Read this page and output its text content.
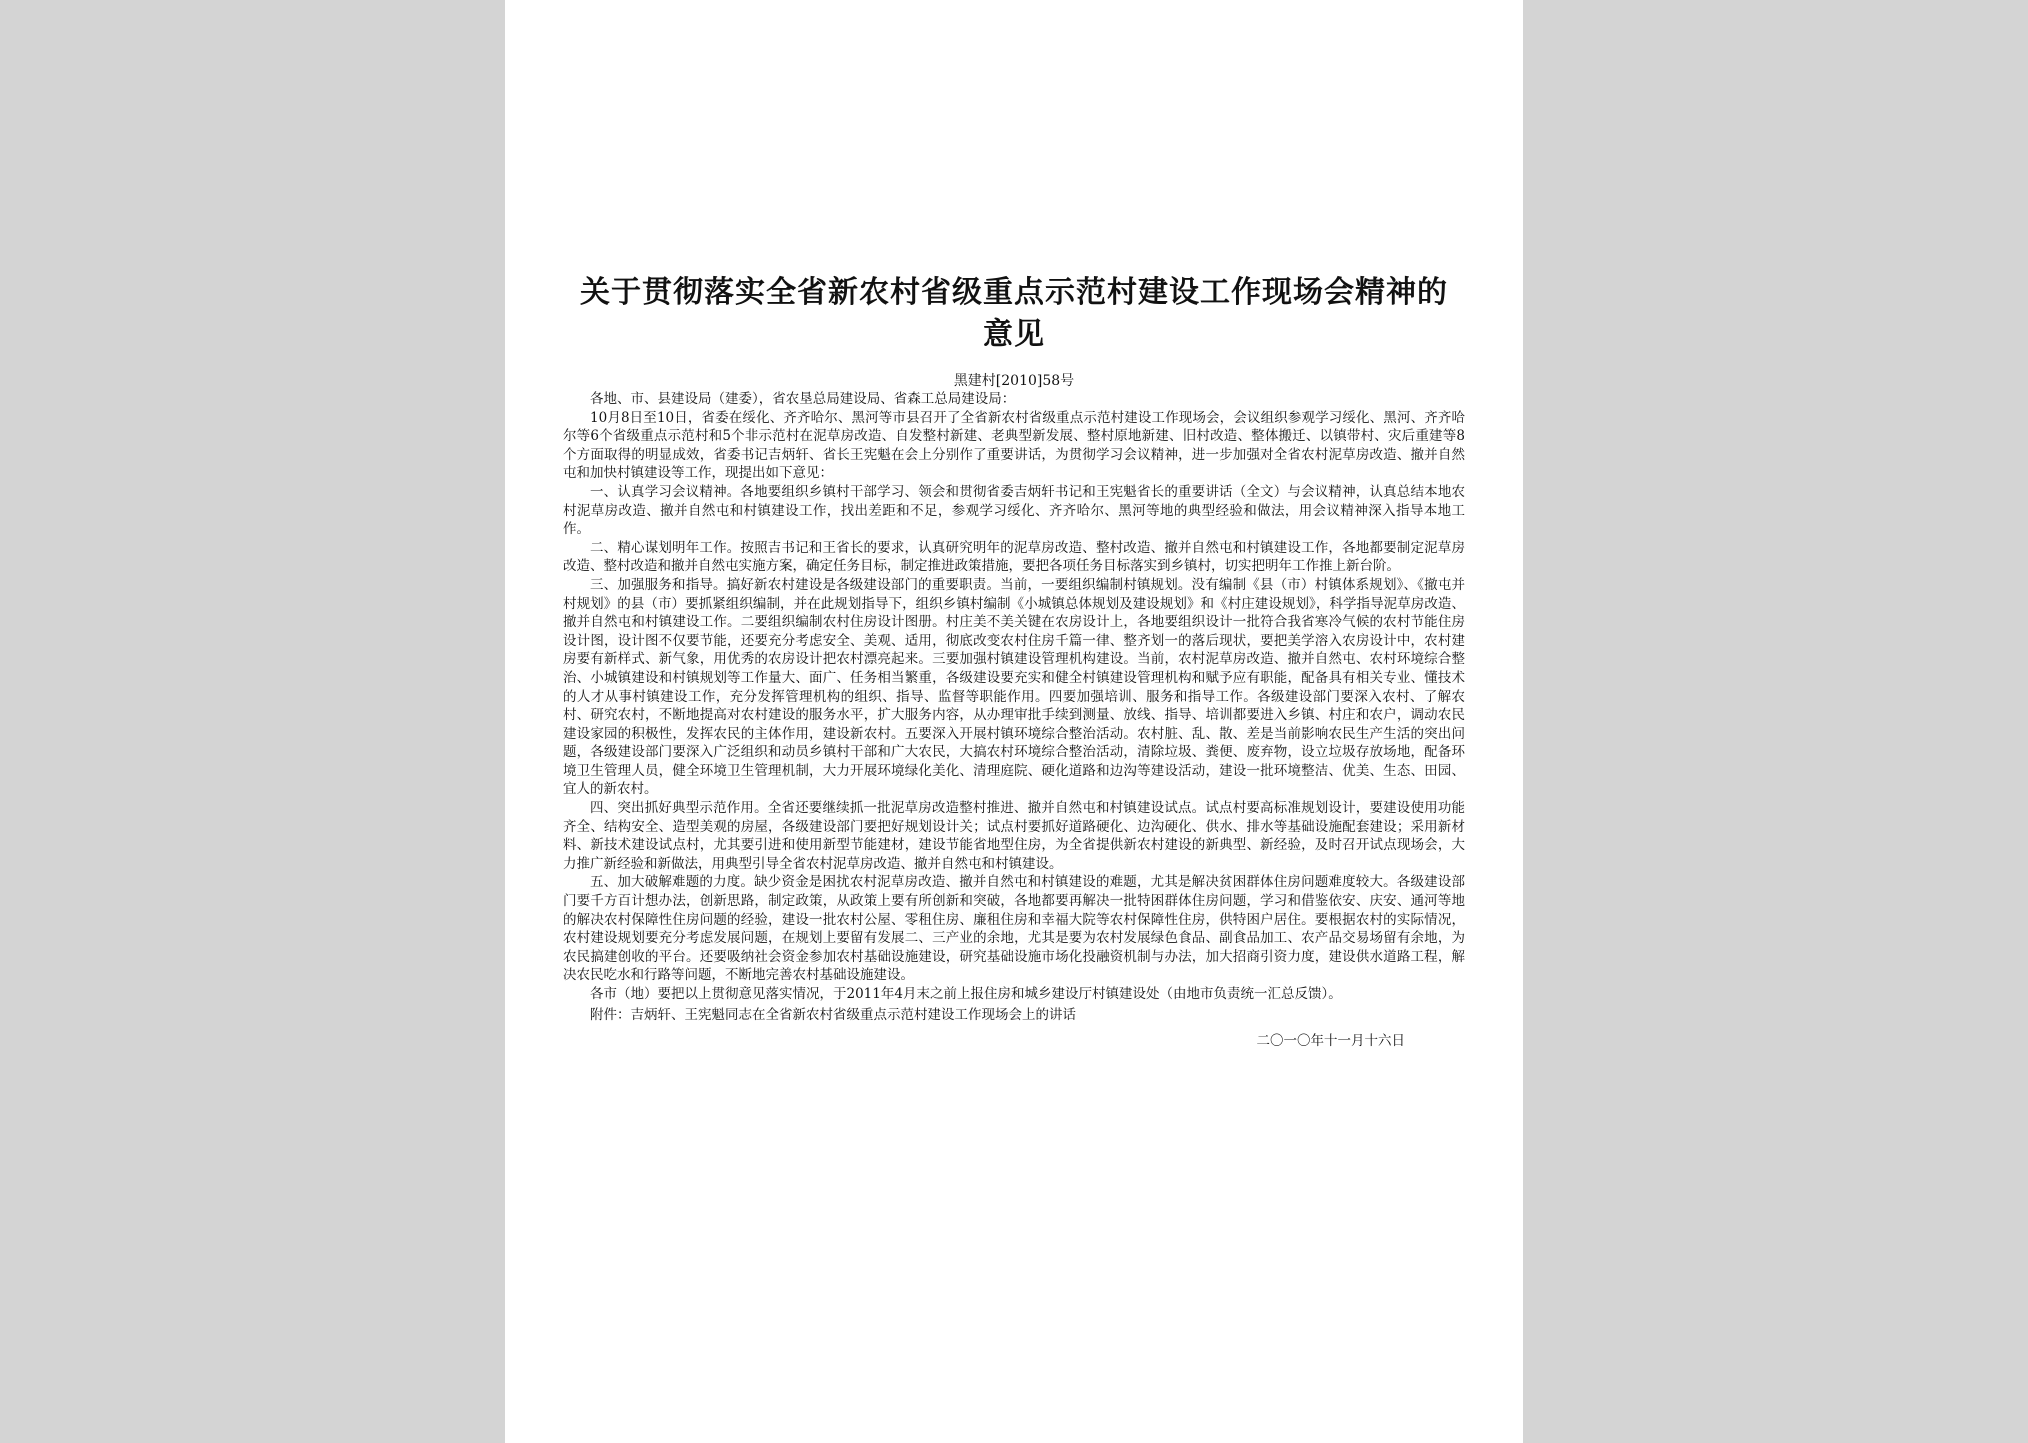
关于贯彻落实全省新农村省级重点示范村建设工作现场会精神的意见
黑建村[2010]58号

各地、市、县建设局（建委），省农垦总局建设局、省森工总局建设局：

10月8日至10日，省委在绥化、齐齐哈尔、黑河等市县召开了全省新农村省级重点示范村建设工作现场会，会议组织参观学习绥化、黑河、齐齐哈尔等6个省级重点示范村和5个非示范村在泥草房改造、自发整村新建、老典型新发展、整村原地新建、旧村改造、整体搬迁、以镇带村、灾后重建等8个方面取得的明显成效，省委书记吉炳轩、省长王宪魁在会上分别作了重要讲话，为贯彻学习会议精神，进一步加强对全省农村泥草房改造、撤并自然屯和加快村镇建设等工作，现提出如下意见：

一、认真学习会议精神。各地要组织乡镇村干部学习、领会和贯彻省委吉炳轩书记和王宪魁省长的重要讲话（全文）与会议精神，认真总结本地农村泥草房改造、撤并自然屯和村镇建设工作，找出差距和不足，参观学习绥化、齐齐哈尔、黑河等地的典型经验和做法，用会议精神深入指导本地工作。

二、精心谋划明年工作。按照吉书记和王省长的要求，认真研究明年的泥草房改造、整村改造、撤并自然屯和村镇建设工作，各地都要制定泥草房改造、整村改造和撤并自然屯实施方案，确定任务目标，制定推进政策措施，要把各项任务目标落实到乡镇村，切实把明年工作推上新台阶。

三、加强服务和指导。搞好新农村建设是各级建设部门的重要职责。当前，一要组织编制村镇规划。没有编制《县（市）村镇体系规划》、《撤屯并村规划》的县（市）要抓紧组织编制，并在此规划指导下，组织乡镇村编制《小城镇总体规划及建设规划》和《村庄建设规划》，科学指导泥草房改造、撤并自然屯和村镇建设工作。二要组织编制农村住房设计图册。村庄美不美关键在农房设计上，各地要组织设计一批符合我省寒冷气候的农村节能住房设计图，设计图不仅要节能，还要充分考虑安全、美观、适用，彻底改变农村住房千篇一律、整齐划一的落后现状，要把美学溶入农房设计中，农村建房要有新样式、新气象，用优秀的农房设计把农村漂亮起来。三要加强村镇建设管理机构建设。当前，农村泥草房改造、撤并自然屯、农村环境综合整治、小城镇建设和村镇规划等工作量大、面广、任务相当繁重，各级建设要充实和健全村镇建设管理机构和赋予应有职能，配备具有相关专业、懂技术的人才从事村镇建设工作，充分发挥管理机构的组织、指导、监督等职能作用。四要加强培训、服务和指导工作。各级建设部门要深入农村、了解农村、研究农村，不断地提高对农村建设的服务水平，扩大服务内容，从办理审批手续到测量、放线、指导、培训都要进入乡镇、村庄和农户，调动农民建设家园的积极性，发挥农民的主体作用，建设新农村。五要深入开展村镇环境综合整治活动。农村脏、乱、散、差是当前影响农民生产生活的突出问题，各级建设部门要深入广泛组织和动员乡镇村干部和广大农民，大搞农村环境综合整治活动，清除垃圾、粪便、废弃物，设立垃圾存放场地，配备环境卫生管理人员，健全环境卫生管理机制，大力开展环境绿化美化、清理庭院、硬化道路和边沟等建设活动，建设一批环境整洁、优美、生态、田园、宜人的新农村。

四、突出抓好典型示范作用。全省还要继续抓一批泥草房改造整村推进、撤并自然屯和村镇建设试点。试点村要高标准规划设计，要建设使用功能齐全、结构安全、造型美观的房屋，各级建设部门要把好规划设计关；试点村要抓好道路硬化、边沟硬化、供水、排水等基础设施配套建设；采用新材料、新技术建设试点村，尤其要引进和使用新型节能建材，建设节能省地型住房，为全省提供新农村建设的新典型、新经验，及时召开试点现场会，大力推广新经验和新做法，用典型引导全省农村泥草房改造、撤并自然屯和村镇建设。

五、加大破解难题的力度。缺少资金是困扰农村泥草房改造、撤并自然屯和村镇建设的难题，尤其是解决贫困群体住房问题难度较大。各级建设部门要千方百计想办法，创新思路，制定政策，从政策上要有所创新和突破，各地都要再解决一批特困群体住房问题，学习和借鉴依安、庆安、通河等地的解决农村保障性住房问题的经验，建设一批农村公屋、零租住房、廉租住房和幸福大院等农村保障性住房，供特困户居住。要根据农村的实际情况，农村建设规划要充分考虑发展问题，在规划上要留有发展二、三产业的余地，尤其是要为农村发展绿色食品、副食品加工、农产品交易场留有余地，为农民搞建创收的平台。还要吸纳社会资金参加农村基础设施建设，研究基础设施市场化投融资机制与办法，加大招商引资力度，建设供水道路工程，解决农民吃水和行路等问题，不断地完善农村基础设施建设。

各市（地）要把以上贯彻意见落实情况，于2011年4月末之前上报住房和城乡建设厅村镇建设处（由地市负责统一汇总反馈）。

附件：吉炳轩、王宪魁同志在全省新农村省级重点示范村建设工作现场会上的讲话
二〇一〇年十一月十六日
